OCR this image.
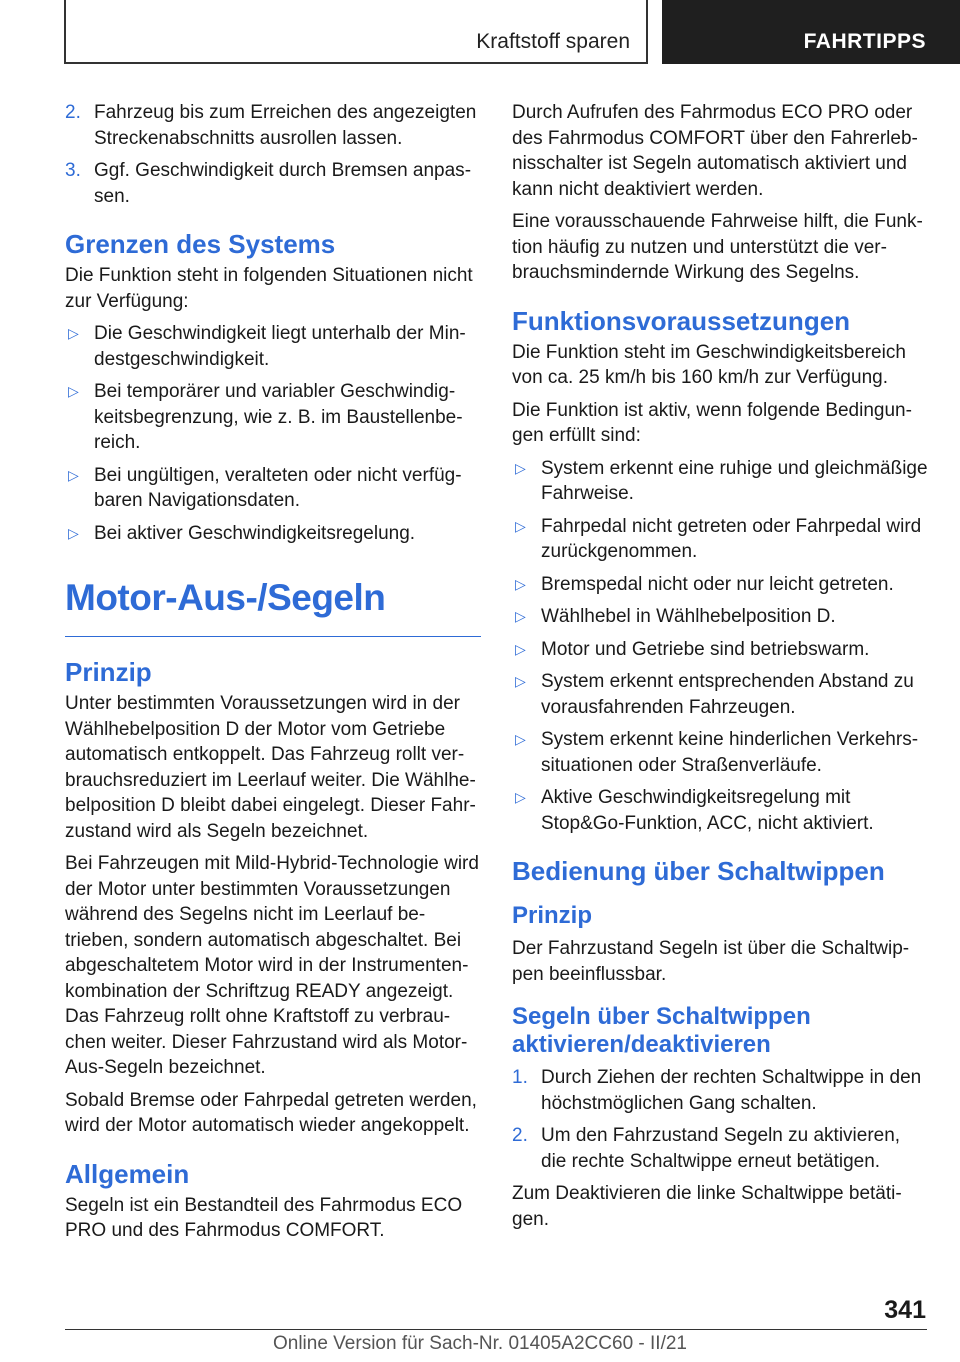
Kraftstoff sparen	FAHRTIPPS
2. Fahrzeug bis zum Erreichen des angezeigten Streckenabschnitts ausrollen lassen.
3. Ggf. Geschwindigkeit durch Bremsen anpassen.
Grenzen des Systems

Die Funktion steht in folgenden Situationen nicht zur Verfügung:

▷ Die Geschwindigkeit liegt unterhalb der Mindestgeschwindigkeit.
▷ Bei temporärer und variabler Geschwindigkeitsbegrenzung, wie z. B. im Baustellenbereich.
▷ Bei ungültigen, veralteten oder nicht verfügbaren Navigationsdaten.
▷ Bei aktiver Geschwindigkeitsregelung.
Motor-Aus-/Segeln
Prinzip

Unter bestimmten Voraussetzungen wird in der Wählhebelposition D der Motor vom Getriebe automatisch entkoppelt. Das Fahrzeug rollt verbrauchsreduziert im Leerlauf weiter. Die Wählhebelposition D bleibt dabei eingelegt. Dieser Fahrzustand wird als Segeln bezeichnet.

Bei Fahrzeugen mit Mild-Hybrid-Technologie wird der Motor unter bestimmten Voraussetzungen während des Segelns nicht im Leerlauf betrieben, sondern automatisch abgeschaltet. Bei abgeschaltetem Motor wird in der Instrumentenkombination der Schriftzug READY angezeigt. Das Fahrzeug rollt ohne Kraftstoff zu verbrauchen weiter. Dieser Fahrzustand wird als Motor-Aus-Segeln bezeichnet.

Sobald Bremse oder Fahrpedal getreten werden, wird der Motor automatisch wieder angekoppelt.

Allgemein

Segeln ist ein Bestandteil des Fahrmodus ECO PRO und des Fahrmodus COMFORT.

Durch Aufrufen des Fahrmodus ECO PRO oder des Fahrmodus COMFORT über den Fahrerlebnisschalter ist Segeln automatisch aktiviert und kann nicht deaktiviert werden.

Eine vorausschauende Fahrweise hilft, die Funktion häufig zu nutzen und unterstützt die verbrauchsmindernde Wirkung des Segelns.

Funktionsvoraussetzungen

Die Funktion steht im Geschwindigkeitsbereich von ca. 25 km/h bis 160 km/h zur Verfügung.

Die Funktion ist aktiv, wenn folgende Bedingungen erfüllt sind:

▷ System erkennt eine ruhige und gleichmäßige Fahrweise.
▷ Fahrpedal nicht getreten oder Fahrpedal wird zurückgenommen.
▷ Bremspedal nicht oder nur leicht getreten.
▷ Wählhebel in Wählhebelposition D.
▷ Motor und Getriebe sind betriebswarm.
▷ System erkennt entsprechenden Abstand zu vorausfahrenden Fahrzeugen.
▷ System erkennt keine hinderlichen Verkehrssituationen oder Straßenverläufe.
▷ Aktive Geschwindigkeitsregelung mit Stop&Go-Funktion, ACC, nicht aktiviert.
Bedienung über Schaltwippen
Prinzip

Der Fahrzustand Segeln ist über die Schaltwippen beeinflussbar.

Segeln über Schaltwippen aktivieren/deaktivieren
1. Durch Ziehen der rechten Schaltwippe in den höchstmöglichen Gang schalten.
2. Um den Fahrzustand Segeln zu aktivieren, die rechte Schaltwippe erneut betätigen.

Zum Deaktivieren die linke Schaltwippe betätigen.

341
Online Version für Sach-Nr. 01405A2CC60 - II/21
